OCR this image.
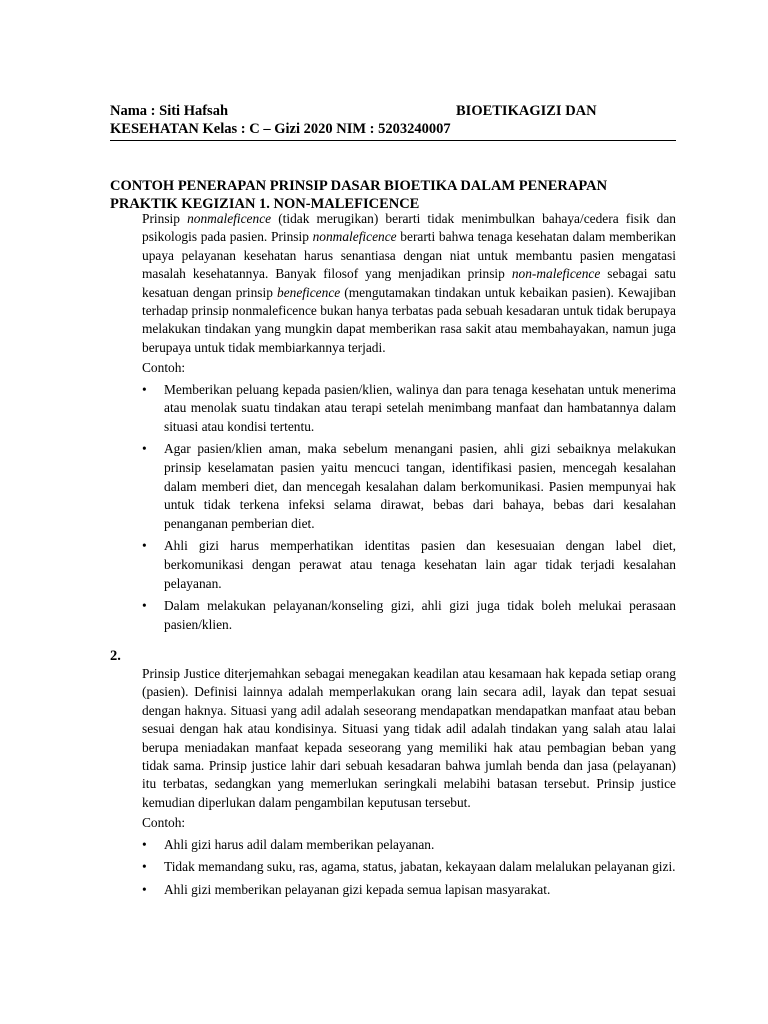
Nama : Siti Hafsah	BIOETIKAGIZI DAN
KESEHATAN Kelas : C – Gizi 2020 NIM : 5203240007
CONTOH PENERAPAN PRINSIP DASAR BIOETIKA DALAM PENERAPAN PRAKTIK KEGIZIAN 1. NON-MALEFICENCE

Prinsip nonmaleficence (tidak merugikan) berarti tidak menimbulkan bahaya/cedera fisik dan psikologis pada pasien. Prinsip nonmaleficence berarti bahwa tenaga kesehatan dalam memberikan upaya pelayanan kesehatan harus senantiasa dengan niat untuk membantu pasien mengatasi masalah kesehatannya. Banyak filosof yang menjadikan prinsip non-maleficence sebagai satu kesatuan dengan prinsip beneficence (mengutamakan tindakan untuk kebaikan pasien). Kewajiban terhadap prinsip nonmaleficence bukan hanya terbatas pada sebuah kesadaran untuk tidak berupaya melakukan tindakan yang mungkin dapat memberikan rasa sakit atau membahayakan, namun juga berupaya untuk tidak membiarkannya terjadi.

Contoh:
• Memberikan peluang kepada pasien/klien, walinya dan para tenaga kesehatan untuk menerima atau menolak suatu tindakan atau terapi setelah menimbang manfaat dan hambatannya dalam situasi atau kondisi tertentu.
• Agar pasien/klien aman, maka sebelum menangani pasien, ahli gizi sebaiknya melakukan prinsip keselamatan pasien yaitu mencuci tangan, identifikasi pasien, mencegah kesalahan dalam memberi diet, dan mencegah kesalahan dalam berkomunikasi. Pasien mempunyai hak untuk tidak terkena infeksi selama dirawat, bebas dari bahaya, bebas dari kesalahan penanganan pemberian diet.
• Ahli gizi harus memperhatikan identitas pasien dan kesesuaian dengan label diet, berkomunikasi dengan perawat atau tenaga kesehatan lain agar tidak terjadi kesalahan pelayanan.
• Dalam melakukan pelayanan/konseling gizi, ahli gizi juga tidak boleh melukai perasaan pasien/klien.
2.

Prinsip Justice diterjemahkan sebagai menegakan keadilan atau kesamaan hak kepada setiap orang (pasien). Definisi lainnya adalah memperlakukan orang lain secara adil, layak dan tepat sesuai dengan haknya. Situasi yang adil adalah seseorang mendapatkan mendapatkan manfaat atau beban sesuai dengan hak atau kondisinya. Situasi yang tidak adil adalah tindakan yang salah atau lalai berupa meniadakan manfaat kepada seseorang yang memiliki hak atau pembagian beban yang tidak sama. Prinsip justice lahir dari sebuah kesadaran bahwa jumlah benda dan jasa (pelayanan) itu terbatas, sedangkan yang memerlukan seringkali melabihi batasan tersebut. Prinsip justice kemudian diperlukan dalam pengambilan keputusan tersebut.

Contoh:
• Ahli gizi harus adil dalam memberikan pelayanan.
• Tidak memandang suku, ras, agama, status, jabatan, kekayaan dalam melalukan pelayanan gizi.
• Ahli gizi memberikan pelayanan gizi kepada semua lapisan masyarakat.
